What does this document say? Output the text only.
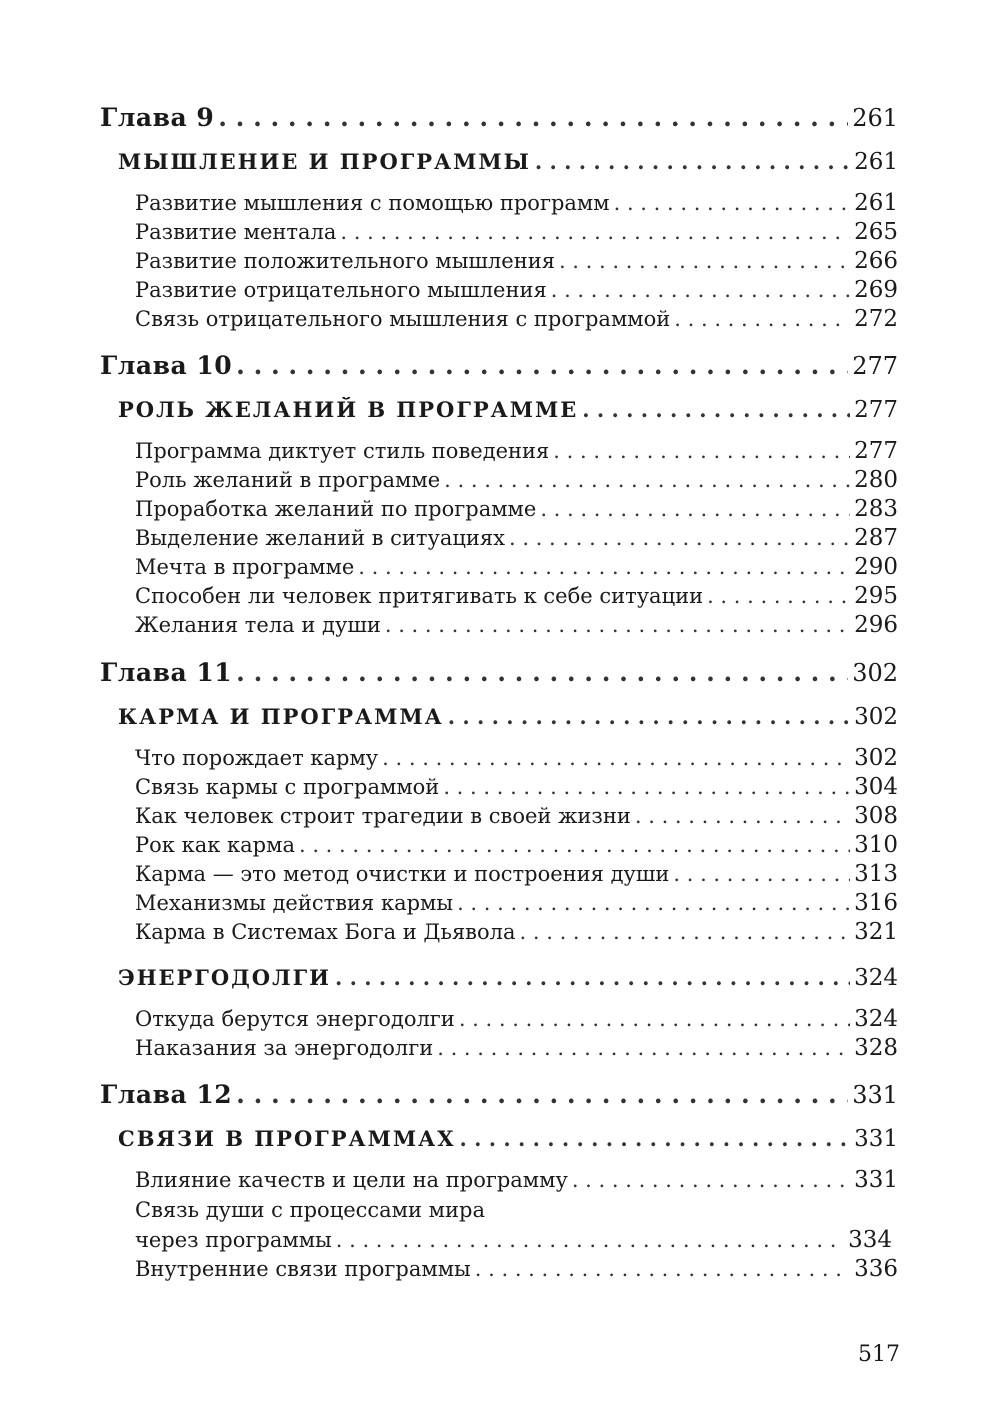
Глава 9 . . .	261
МЫШЛЕНИЕ И ПРОГРАММЫ . . .	261
Развитие мышления с помощью программ . . .	261
Развитие ментала . . .	265
Развитие положительного мышления . . .	266
Развитие отрицательного мышления . . .	269
Связь отрицательного мышления с программой . . .	272
Глава 10 . . .	277
РОЛЬ ЖЕЛАНИЙ В ПРОГРАММЕ . . .	277
Программа диктует стиль поведения . . .	277
Роль желаний в программе . . .	280
Проработка желаний по программе . . .	283
Выделение желаний в ситуациях . . .	287
Мечта в программе . . .	290
Способен ли человек притягивать к себе ситуации . . .	295
Желания тела и души . . .	296
Глава 11 . . .	302
КАРМА И ПРОГРАММА . . .	302
Что порождает карму . . .	302
Связь кармы с программой . . .	304
Как человек строит трагедии в своей жизни . . .	308
Рок как карма . . .	310
Карма — это метод очистки и построения души . . .	313
Механизмы действия кармы . . .	316
Карма в Системах Бога и Дьявола . . .	321
ЭНЕРГОДОЛГИ . . .	324
Откуда берутся энергодолги . . .	324
Наказания за энергодолги . . .	328
Глава 12 . . .	331
СВЯЗИ В ПРОГРАММАХ . . .	331
Влияние качеств и цели на программу . . .	331
Связь души с процессами мира
через программы . . .	334
Внутренние связи программы . . .	336
517
